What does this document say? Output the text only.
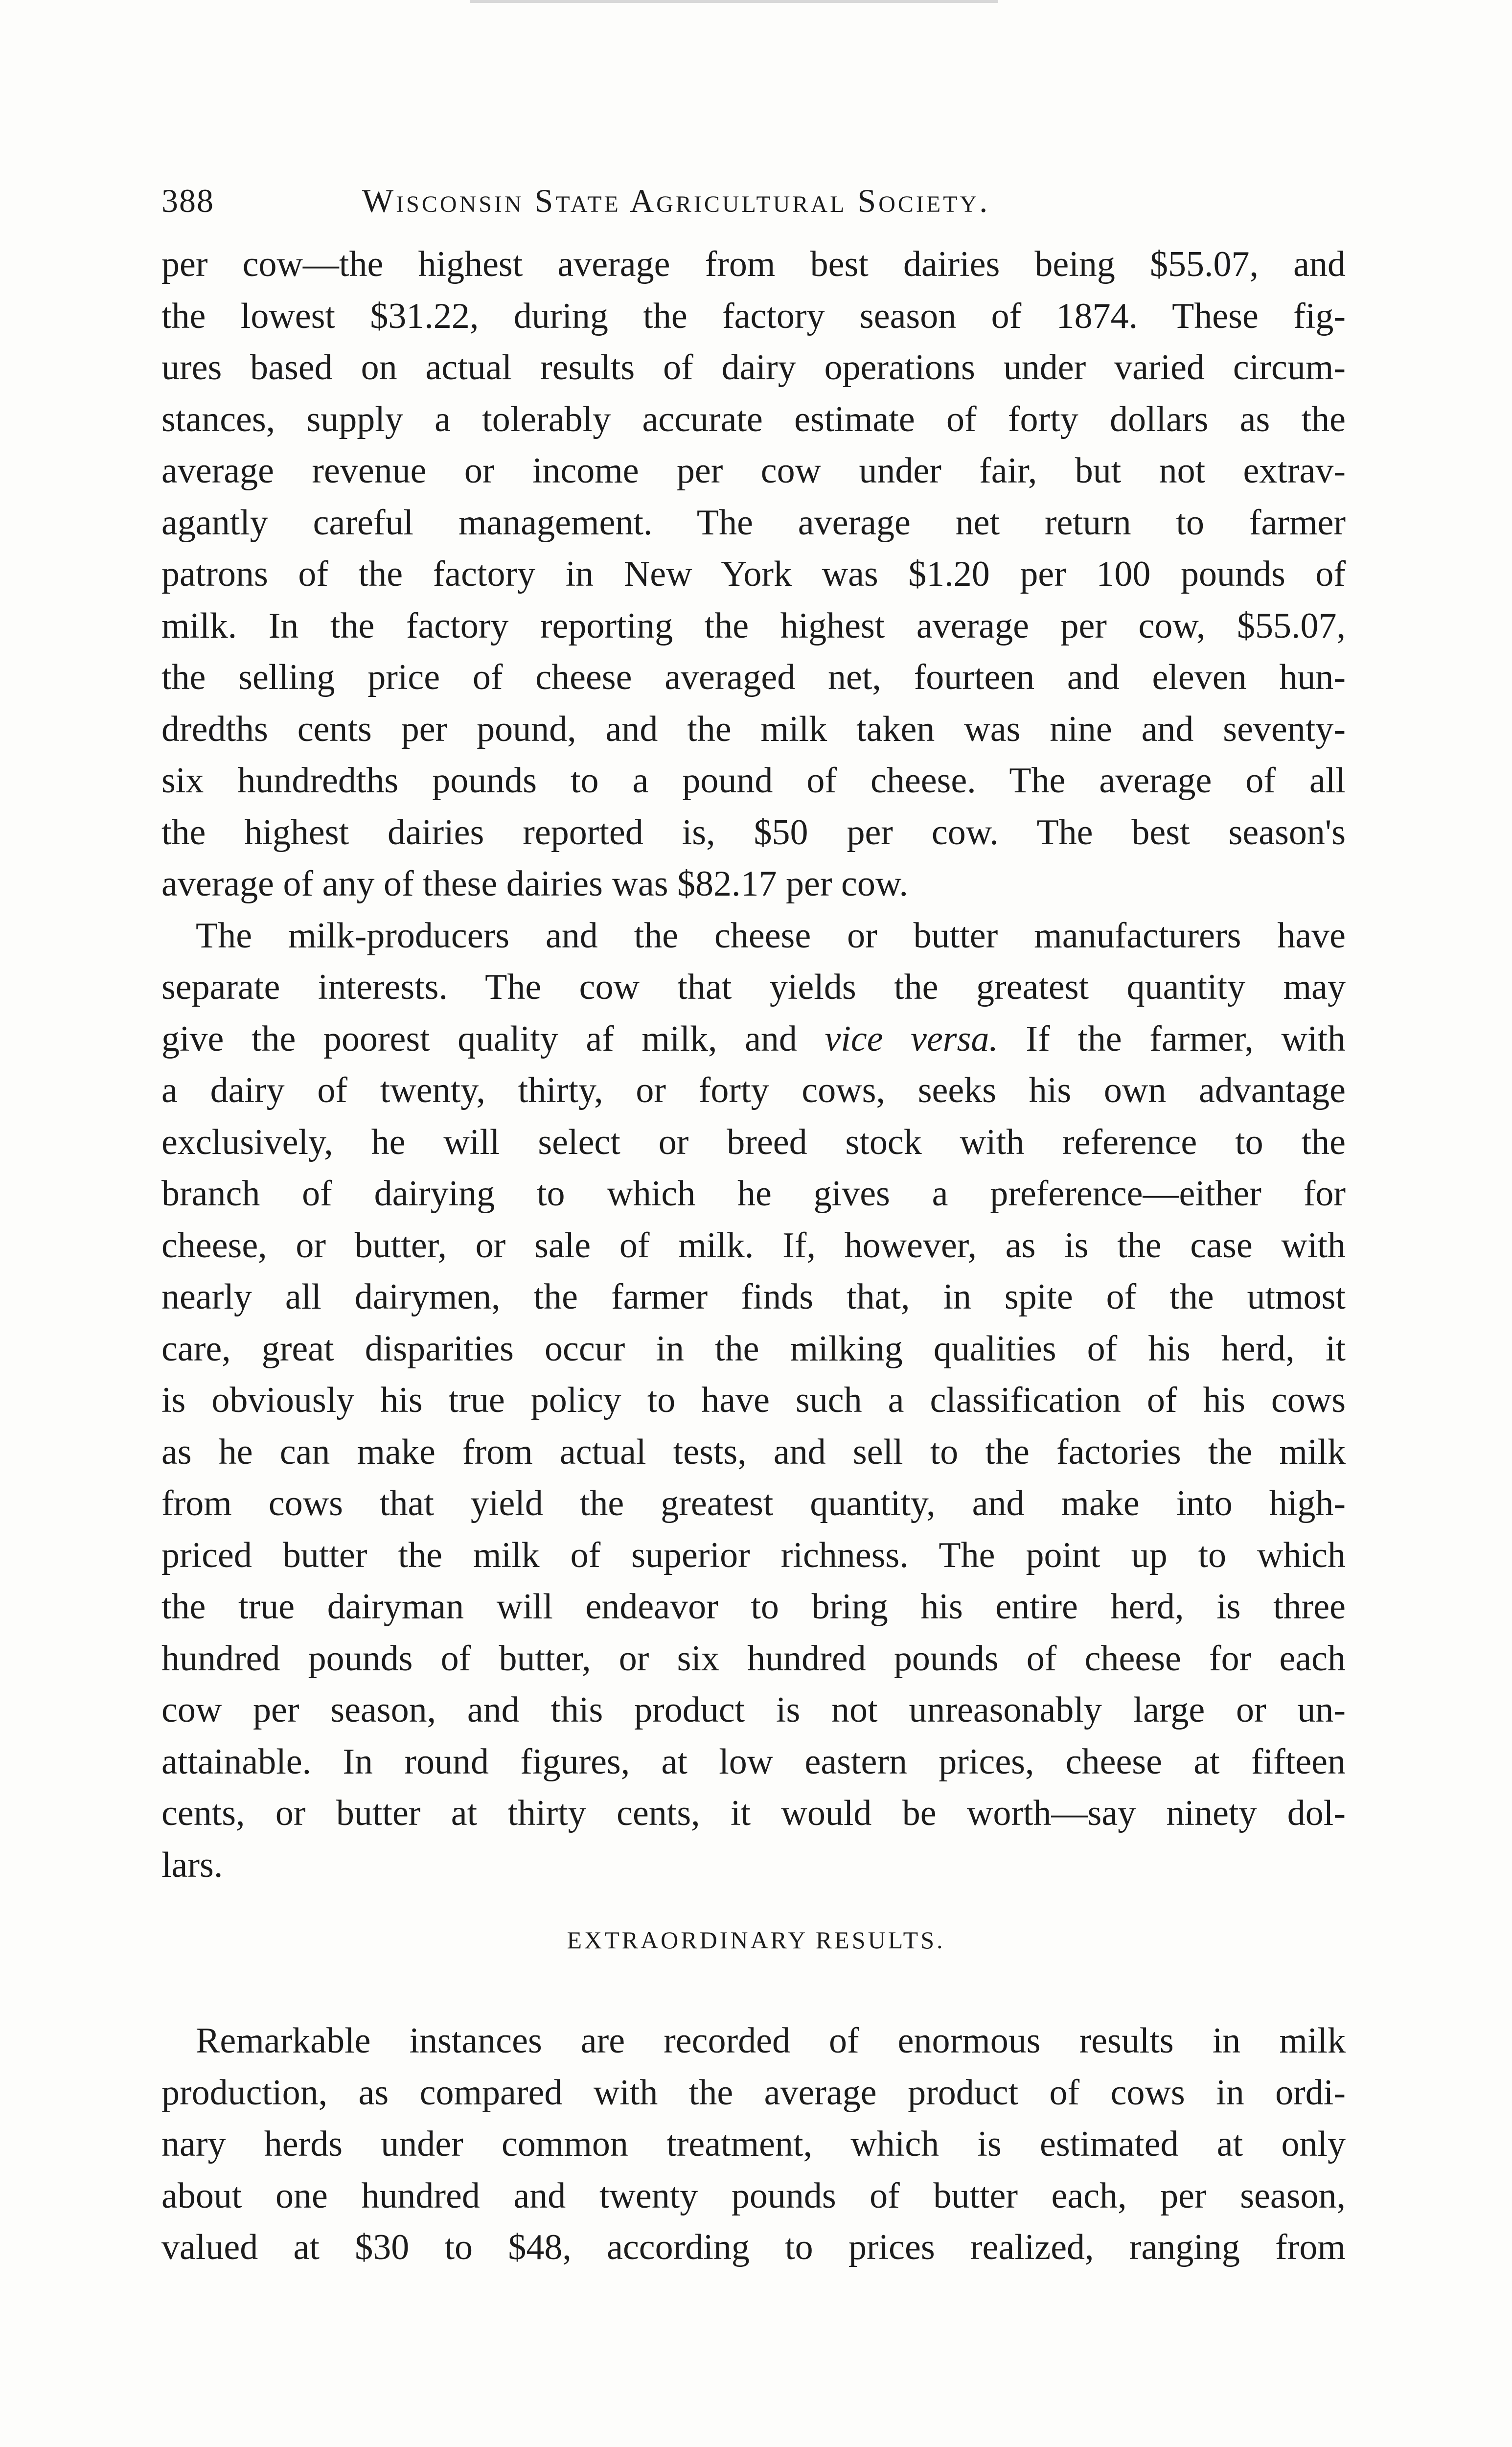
388	Wisconsin State Agricultural Society.
per cow—the highest average from best dairies being $55.07, and
the lowest $31.22, during the factory season of 1874. These fig-
ures based on actual results of dairy operations under varied circum-
stances, supply a tolerably accurate estimate of forty dollars as the
average revenue or income per cow under fair, but not extrav-
agantly careful management. The average net return to farmer
patrons of the factory in New York was $1.20 per 100 pounds of
milk. In the factory reporting the highest average per cow, $55.07,
the selling price of cheese averaged net, fourteen and eleven hun-
dredths cents per pound, and the milk taken was nine and seventy-
six hundredths pounds to a pound of cheese. The average of all
the highest dairies reported is, $50 per cow. The best season's
average of any of these dairies was $82.17 per cow.
The milk-producers and the cheese or butter manufacturers have
separate interests. The cow that yields the greatest quantity may
give the poorest quality af milk, and vice versa. If the farmer, with
a dairy of twenty, thirty, or forty cows, seeks his own advantage
exclusively, he will select or breed stock with reference to the
branch of dairying to which he gives a preference—either for
cheese, or butter, or sale of milk. If, however, as is the case with
nearly all dairymen, the farmer finds that, in spite of the utmost
care, great disparities occur in the milking qualities of his herd, it
is obviously his true policy to have such a classification of his cows
as he can make from actual tests, and sell to the factories the milk
from cows that yield the greatest quantity, and make into high-
priced butter the milk of superior richness. The point up to which
the true dairyman will endeavor to bring his entire herd, is three
hundred pounds of butter, or six hundred pounds of cheese for each
cow per season, and this product is not unreasonably large or un-
attainable. In round figures, at low eastern prices, cheese at fifteen
cents, or butter at thirty cents, it would be worth—say ninety dol-
lars.
EXTRAORDINARY RESULTS.
Remarkable instances are recorded of enormous results in milk
production, as compared with the average product of cows in ordi-
nary herds under common treatment, which is estimated at only
about one hundred and twenty pounds of butter each, per season,
valued at $30 to $48, according to prices realized, ranging from
